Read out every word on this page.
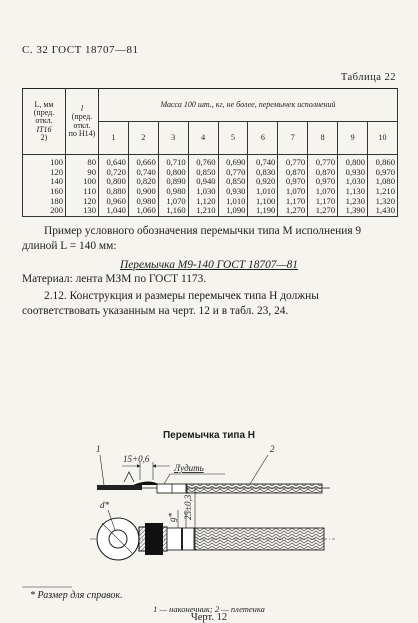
С. 32 ГОСТ 18707—81
Таблица 22
L, мм
(пред.
откл.
IT16
2)	l
(пред.
откл.
по H14)	Масса 100 шт., кг, не более, перемычек исполнений									
		1	2	3	4	5	6	7	8	9	10
100	80	0,640	0,660	0,710	0,760	0,690	0,740	0,770	0,770	0,800	0,860
120	90	0,720	0,740	0,800	0,850	0,770	0,830	0,870	0,870	0,930	0,970
140	100	0,800	0,820	0,890	0,940	0,850	0,920	0,970	0,970	1,030	1,080
160	110	0,880	0,900	0,980	1,030	0,930	1,010	1,070	1,070	1,130	1,210
180	120	0,960	0,980	1,070	1,120	1,010	1,100	1,170	1,170	1,230	1,320
200	130	1,040	1,060	1,160	1,210	1,090	1,190	1,270	1,270	1,390	1,430

Пример условного обозначения перемычки типа М исполнения 9 длиной L = 140 мм:

Перемычка М9-140 ГОСТ 18707—81

Материал: лента МЗМ по ГОСТ 1173.

2.12. Конструкция и размеры перемычек типа Н должны соответствовать указанным на черт. 12 и в табл. 23, 24.

Перемычка типа Н
15+0,6
Лудить
1	2
25±0,3
d*
g*
* Размер для справок.
1 — наконечник; 2 — плетенка
Черт. 12
